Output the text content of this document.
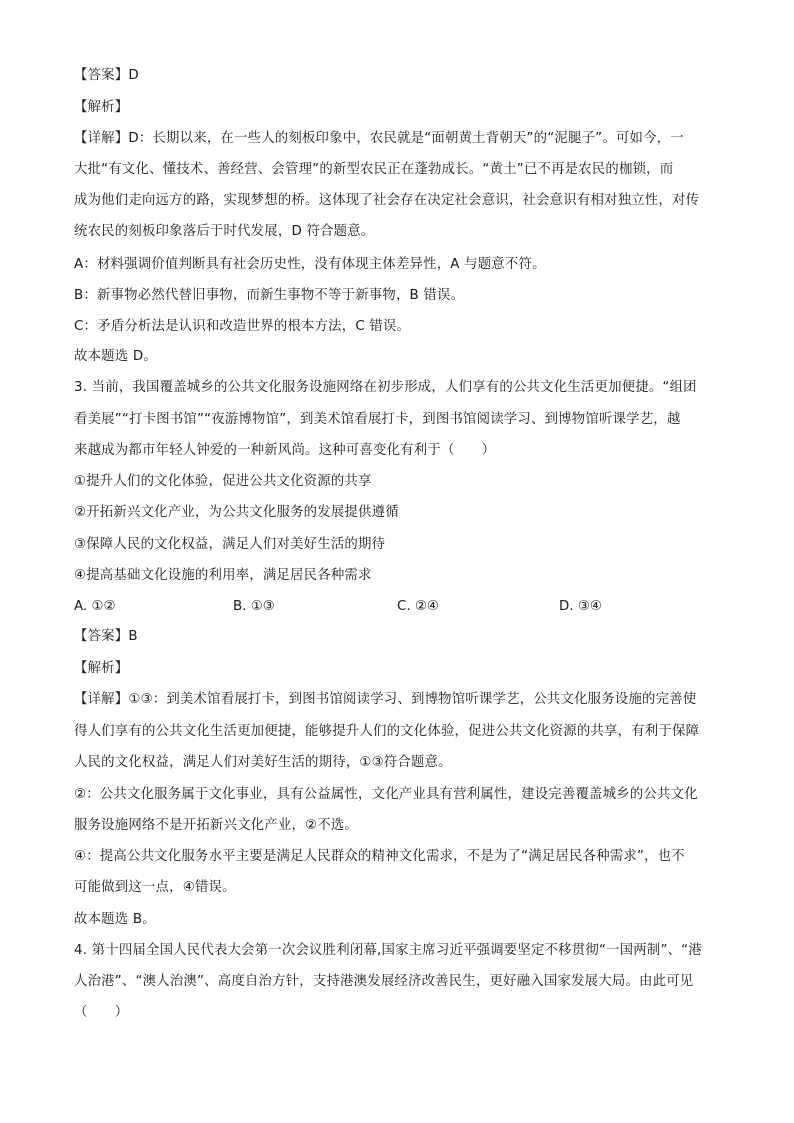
【答案】D
【解析】
【详解】D：长期以来，在一些人的刻板印象中，农民就是“面朝黄土背朝天”的“泥腿子”。可如今，一
大批“有文化、懂技术、善经营、会管理”的新型农民正在蓬勃成长。“黄土”已不再是农民的枷锁，而
成为他们走向远方的路，实现梦想的桥。这体现了社会存在决定社会意识，社会意识有相对独立性，对传
统农民的刻板印象落后于时代发展，D 符合题意。
A：材料强调价值判断具有社会历史性，没有体现主体差异性，A 与题意不符。
B：新事物必然代替旧事物，而新生事物不等于新事物，B 错误。
C：矛盾分析法是认识和改造世界的根本方法，C 错误。
故本题选 D。
3. 当前，我国覆盖城乡的公共文化服务设施网络在初步形成，人们享有的公共文化生活更加便捷。“组团
看美展”“打卡图书馆”“夜游博物馆”，到美术馆看展打卡，到图书馆阅读学习、到博物馆听课学艺，越
来越成为都市年轻人钟爱的一种新风尚。这种可喜变化有利于（　　）
①提升人们的文化体验，促进公共文化资源的共享
②开拓新兴文化产业，为公共文化服务的发展提供遵循
③保障人民的文化权益，满足人们对美好生活的期待
④提高基础文化设施的利用率，满足居民各种需求
A. ①②	B. ①③	C. ②④	D. ③④
【答案】B
【解析】
【详解】①③：到美术馆看展打卡，到图书馆阅读学习、到博物馆听课学艺，公共文化服务设施的完善使
得人们享有的公共文化生活更加便捷，能够提升人们的文化体验，促进公共文化资源的共享，有利于保障
人民的文化权益，满足人们对美好生活的期待，①③符合题意。
②：公共文化服务属于文化事业，具有公益属性，文化产业具有营利属性，建设完善覆盖城乡的公共文化
服务设施网络不是开拓新兴文化产业，②不选。
④：提高公共文化服务水平主要是满足人民群众的精神文化需求，不是为了“满足居民各种需求”，也不
可能做到这一点，④错误。
故本题选 B。
4. 第十四届全国人民代表大会第一次会议胜利闭幕,国家主席习近平强调要坚定不移贯彻“一国两制”、“港
人治港”、“澳人治澳”、高度自治方针，支持港澳发展经济改善民生，更好融入国家发展大局。由此可见
（　　）
